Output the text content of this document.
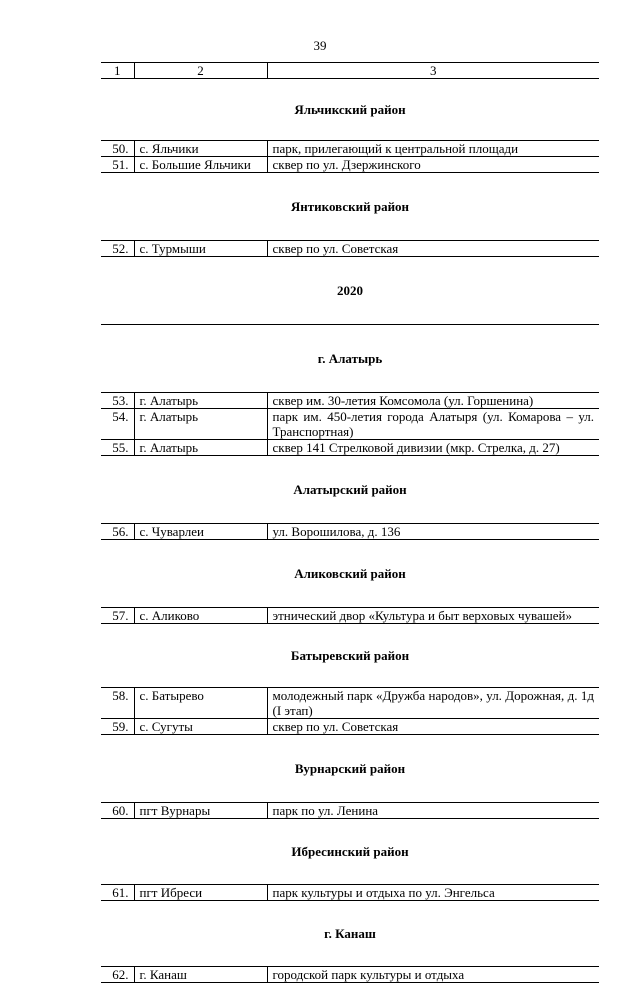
39
1	2	3
Яльчикский район		
50.	с. Яльчики	парк, прилегающий к центральной площади
51.	с. Большие Яльчики	сквер по ул. Дзержинского
Янтиковский район		
52.	с. Турмыши	сквер по ул. Советская
2020		
г. Алатырь		
53.	г. Алатырь	сквер им. 30-летия Комсомола (ул. Горшенина)
54.	г. Алатырь	парк им. 450-летия города Алатыря (ул. Комарова – ул. Транспортная)
55.	г. Алатырь	сквер 141 Стрелковой дивизии (мкр. Стрелка, д. 27)
Алатырский район		
56.	с. Чуварлеи	ул. Ворошилова, д. 136
Аликовский район		
57.	с. Аликово	этнический двор «Культура и быт верховых чувашей»
Батыревский район		
58.	с. Батырево	молодежный парк «Дружба народов», ул. Дорожная, д. 1д (I этап)
59.	с. Сугуты	сквер по ул. Советская
Вурнарский район		
60.	пгт Вурнары	парк по ул. Ленина
Ибресинский район		
61.	пгт Ибреси	парк культуры и отдыха по ул. Энгельса
г. Канаш		
62.	г. Канаш	городской парк культуры и отдыха
